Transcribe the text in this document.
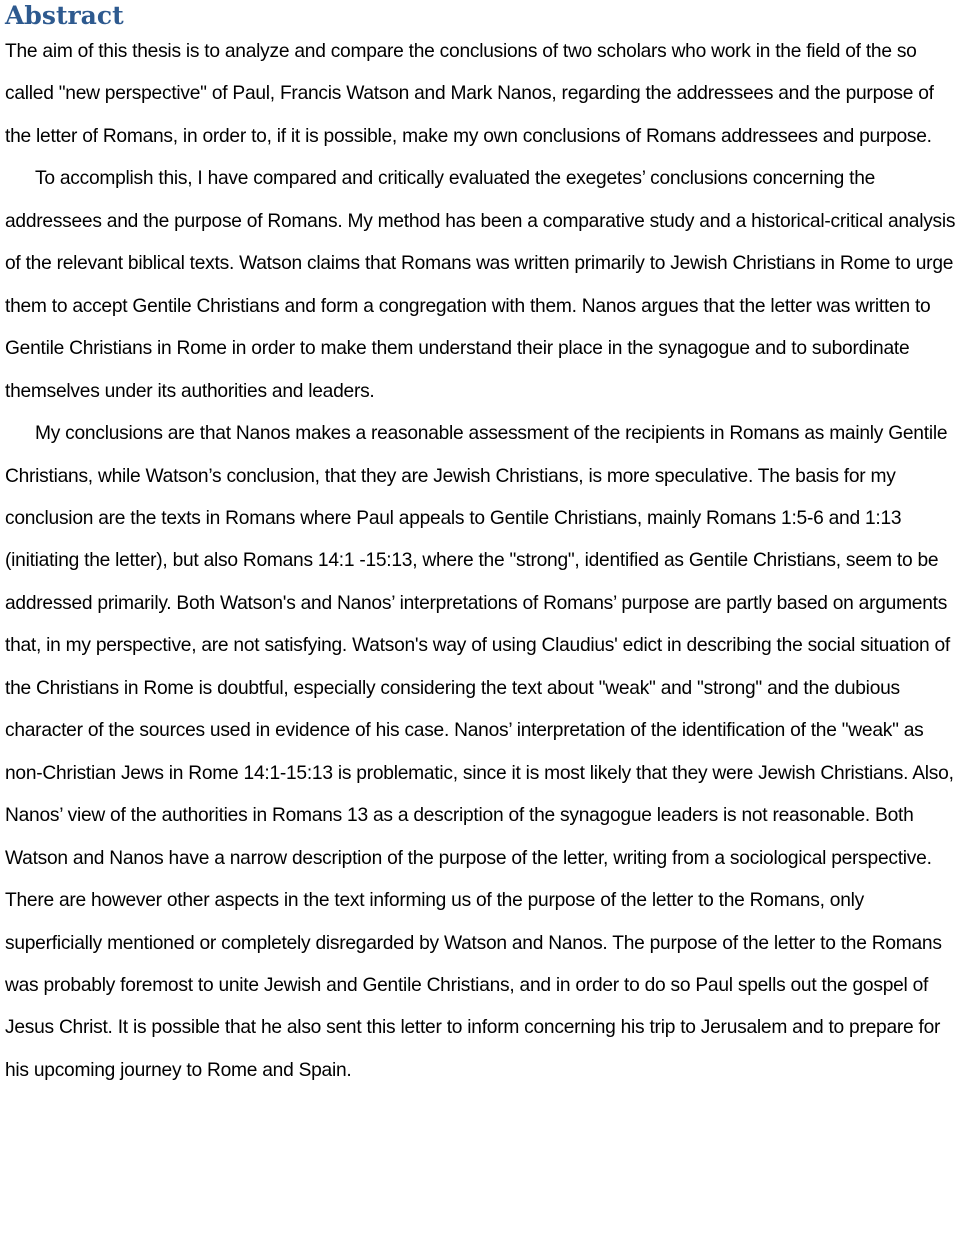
Abstract

The aim of this thesis is to analyze and compare the conclusions of two scholars who work in the field of the so called "new perspective" of Paul, Francis Watson and Mark Nanos, regarding the addressees and the purpose of the letter of Romans, in order to, if it is possible, make my own conclusions of Romans addressees and purpose.

To accomplish this, I have compared and critically evaluated the exegetes’ conclusions concerning the addressees and the purpose of Romans. My method has been a comparative study and a historical-critical analysis of the relevant biblical texts. Watson claims that Romans was written primarily to Jewish Christians in Rome to urge them to accept Gentile Christians and form a congregation with them. Nanos argues that the letter was written to Gentile Christians in Rome in order to make them understand their place in the synagogue and to subordinate themselves under its authorities and leaders.

My conclusions are that Nanos makes a reasonable assessment of the recipients in Romans as mainly Gentile Christians, while Watson’s conclusion, that they are Jewish Christians, is more speculative. The basis for my conclusion are the texts in Romans where Paul appeals to Gentile Christians, mainly Romans 1:5-6 and 1:13 (initiating the letter), but also Romans 14:1 -15:13, where the "strong", identified as Gentile Christians, seem to be addressed primarily. Both Watson's and Nanos’ interpretations of Romans’ purpose are partly based on arguments that, in my perspective, are not satisfying. Watson's way of using Claudius' edict in describing the social situation of the Christians in Rome is doubtful, especially considering the text about "weak" and "strong" and the dubious character of the sources used in evidence of his case. Nanos’ interpretation of the identification of the "weak" as non-Christian Jews in Rome 14:1-15:13 is problematic, since it is most likely that they were Jewish Christians. Also, Nanos’ view of the authorities in Romans 13 as a description of the synagogue leaders is not reasonable. Both Watson and Nanos have a narrow description of the purpose of the letter, writing from a sociological perspective. There are however other aspects in the text informing us of the purpose of the letter to the Romans, only superficially mentioned or completely disregarded by Watson and Nanos. The purpose of the letter to the Romans was probably foremost to unite Jewish and Gentile Christians, and in order to do so Paul spells out the gospel of Jesus Christ. It is possible that he also sent this letter to inform concerning his trip to Jerusalem and to prepare for his upcoming journey to Rome and Spain.
